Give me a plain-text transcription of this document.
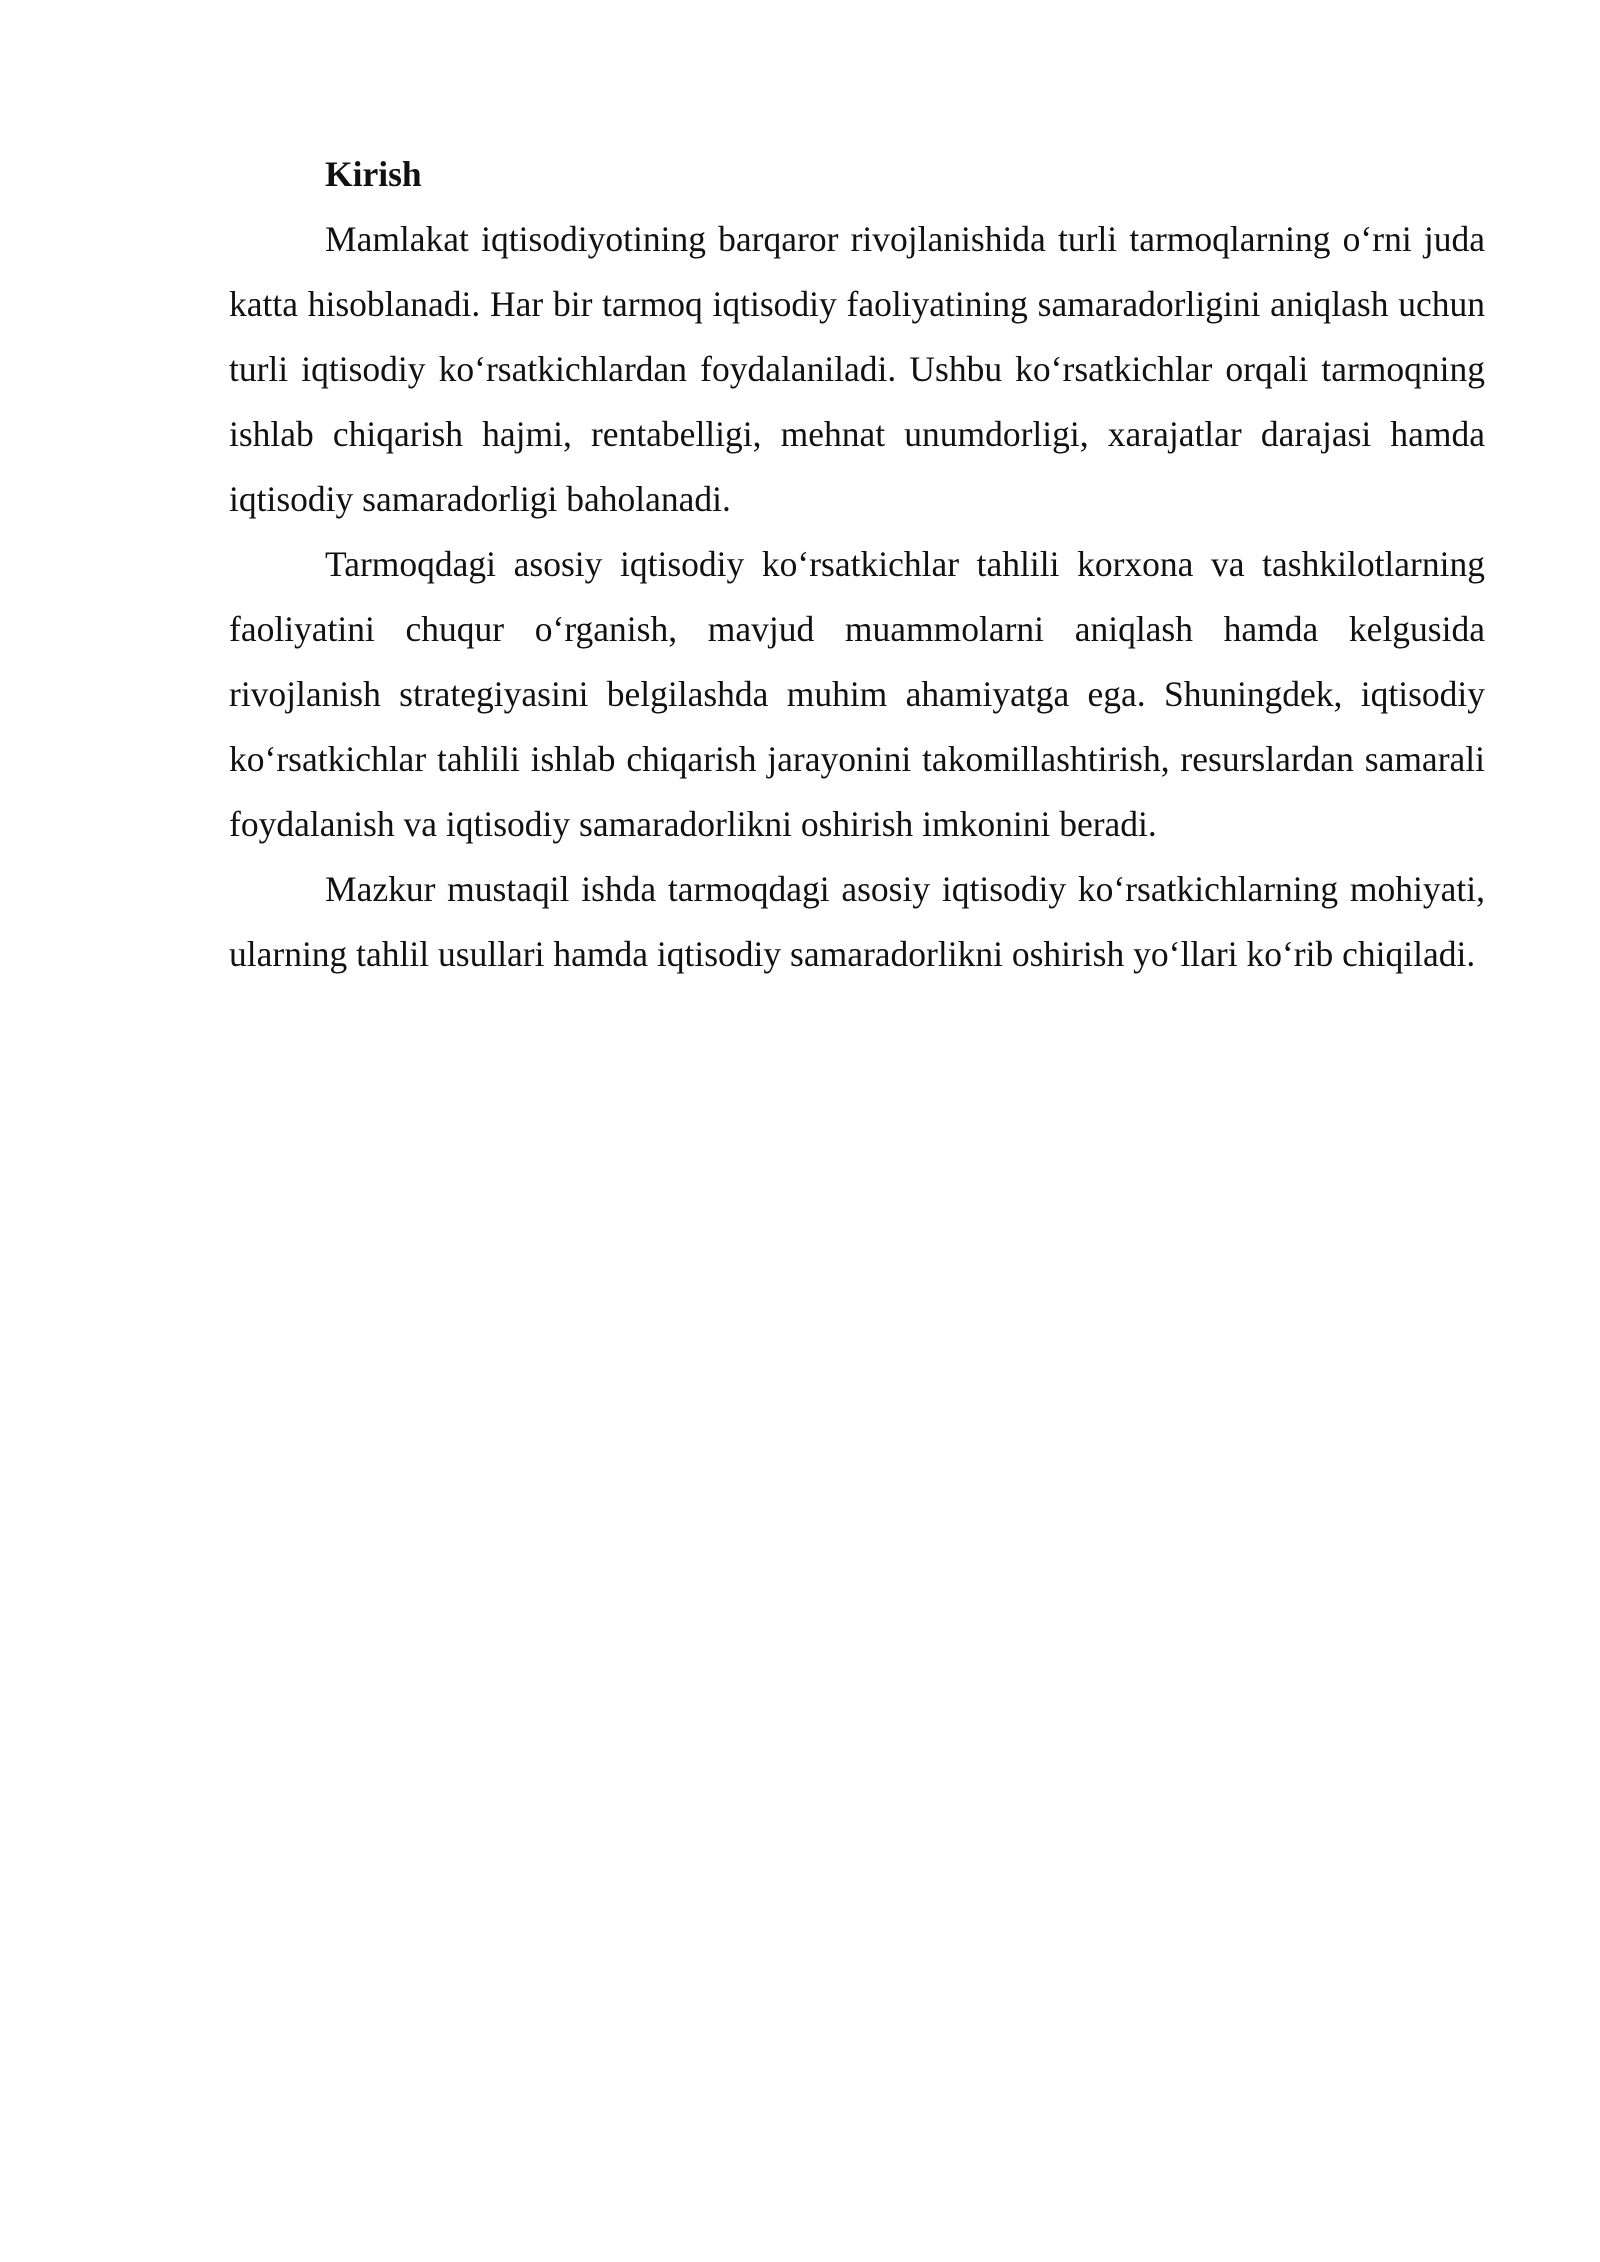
Kirish

Mamlakat iqtisodiyotining barqaror rivojlanishida turli tarmoqlarning o‘rni juda katta hisoblanadi. Har bir tarmoq iqtisodiy faoliyatining samaradorligini aniqlash uchun turli iqtisodiy ko‘rsatkichlardan foydalaniladi. Ushbu ko‘rsatkichlar orqali tarmoqning ishlab chiqarish hajmi, rentabelligi, mehnat unumdorligi, xarajatlar darajasi hamda iqtisodiy samaradorligi baholanadi.

Tarmoqdagi asosiy iqtisodiy ko‘rsatkichlar tahlili korxona va tashkilotlarning faoliyatini chuqur o‘rganish, mavjud muammolarni aniqlash hamda kelgusida rivojlanish strategiyasini belgilashda muhim ahamiyatga ega. Shuningdek, iqtisodiy ko‘rsatkichlar tahlili ishlab chiqarish jarayonini takomillashtirish, resurslardan samarali foydalanish va iqtisodiy samaradorlikni oshirish imkonini beradi.

Mazkur mustaqil ishda tarmoqdagi asosiy iqtisodiy ko‘rsatkichlarning mohiyati, ularning tahlil usullari hamda iqtisodiy samaradorlikni oshirish yo‘llari ko‘rib chiqiladi.
